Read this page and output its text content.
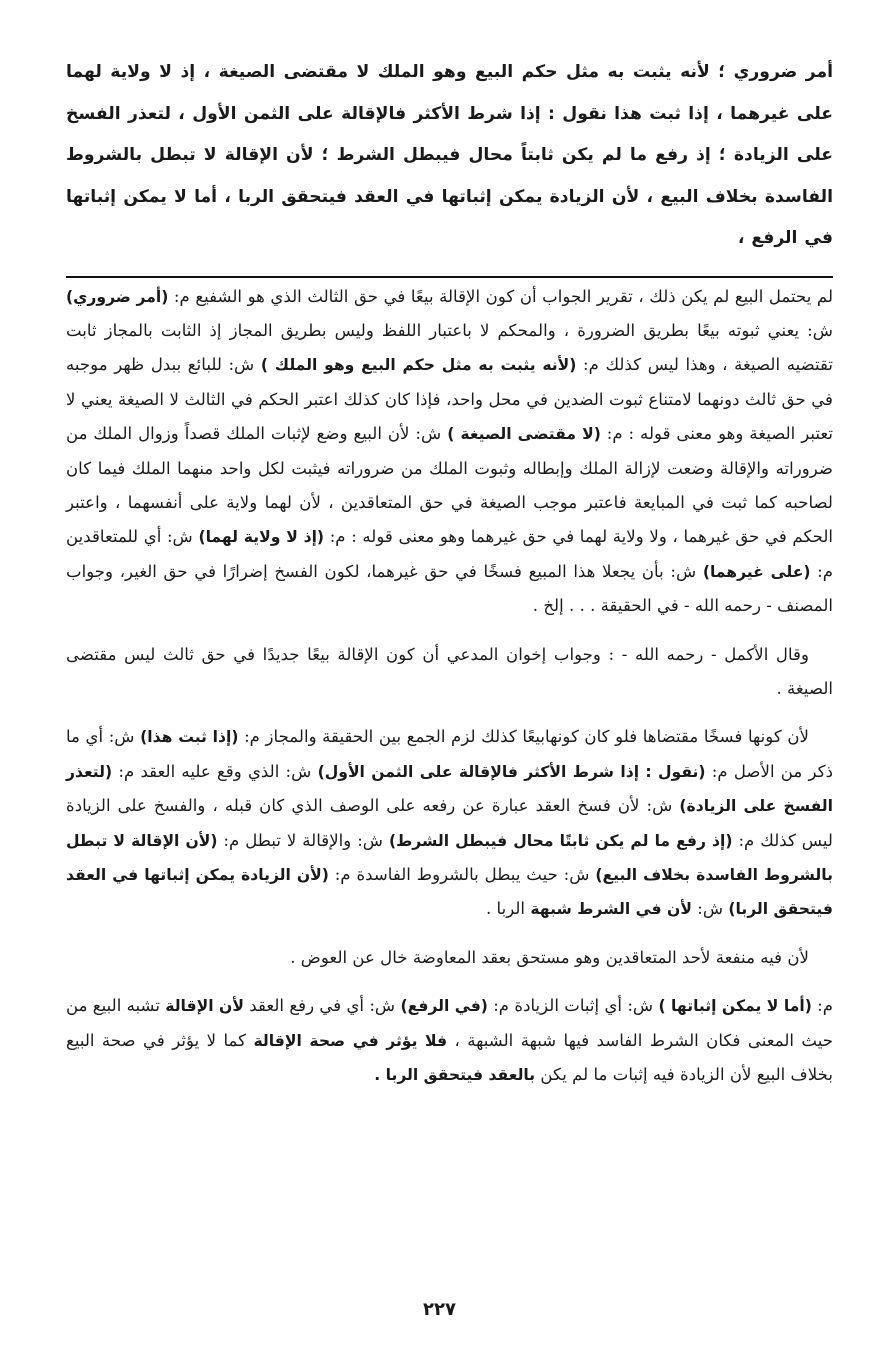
أمر ضروري ؛ لأنه يثبت به مثل حكم البيع وهو الملك لا مقتضى الصيغة ، إذ لا ولاية لهما على غيرهما ، إذا ثبت هذا نقول : إذا شرط الأكثر فالإقالة على الثمن الأول ، لتعذر الفسخ على الزيادة ؛ إذ رفع ما لم يكن ثابتاً محال فيبطل الشرط ؛ لأن الإقالة لا تبطل بالشروط الفاسدة بخلاف البيع ، لأن الزيادة يمكن إثباتها في العقد فيتحقق الربا ، أما لا يمكن إثباتها في الرفع ،

لم يحتمل البيع لم يكن ذلك ، تقرير الجواب أن كون الإقالة بيعًا في حق الثالث الذي هو الشفيع م: (أمر ضروري) ش: يعني ثبوته بيعًا بطريق الضرورة ، والمحكم لا باعتبار اللفظ وليس بطريق المجاز إذ الثابت بالمجاز ثابت تقتضيه الصيغة ، وهذا ليس كذلك م: (لأنه يثبت به مثل حكم البيع وهو الملك ) ش: للبائع ببدل ظهر موجبه في حق ثالث دونهما لامتناع ثبوت الضدين في محل واحد، فإذا كان كذلك اعتبر الحكم في الثالث لا الصيغة يعني لا تعتبر الصيغة وهو معنى قوله : م: (لا مقتضى الصيغة ) ش: لأن البيع وضع لإثبات الملك قصداً وزوال الملك من ضروراته والإقالة وضعت لإزالة الملك وإبطاله وثبوت الملك من ضروراته فيثبت لكل واحد منهما الملك فيما كان لصاحبه كما ثبت في المبايعة فاعتبر موجب الصيغة في حق المتعاقدين ، لأن لهما ولاية على أنفسهما ، واعتبر الحكم في حق غيرهما ، ولا ولاية لهما في حق غيرهما وهو معنى قوله : م: (إذ لا ولاية لهما) ش: أي للمتعاقدين م: (على غيرهما) ش: بأن يجعلا هذا المبيع فسخًا في حق غيرهما، لكون الفسخ إضرارًا في حق الغير، وجواب المصنف - رحمه الله - في الحقيقة . . . إلخ .

وقال الأكمل - رحمه الله - : وجواب إخوان المدعي أن كون الإقالة بيعًا جديدًا في حق ثالث ليس مقتضى الصيغة .

لأن كونها فسخًا مقتضاها فلو كان كونهابيعًا كذلك لزم الجمع بين الحقيقة والمجاز م: (إذا ثبت هذا) ش: أي ما ذكر من الأصل م: (نقول : إذا شرط الأكثر فالإقالة على الثمن الأول) ش: الذي وقع عليه العقد م: (لتعذر الفسخ على الزيادة) ش: لأن فسخ العقد عبارة عن رفعه على الوصف الذي كان قبله ، والفسخ على الزيادة ليس كذلك م: (إذ رفع ما لم يكن ثابتًا محال فيبطل الشرط) ش: والإقالة لا تبطل م: (لأن الإقالة لا تبطل بالشروط الفاسدة بخلاف البيع) ش: حيث يبطل بالشروط الفاسدة م: (لأن الزيادة يمكن إثباتها في العقد فيتحقق الربا) ش: لأن في الشرط شبهة الربا .

لأن فيه منفعة لأحد المتعاقدين وهو مستحق بعقد المعاوضة خال عن العوض .

م: (أما لا يمكن إثباتها ) ش: أي إثبات الزيادة م: (في الرفع) ش: أي في رفع العقد لأن الإقالة تشبه البيع من حيث المعنى فكان الشرط الفاسد فيها شبهة الشبهة ، فلا يؤثر في صحة الإقالة كما لا يؤثر في صحة البيع بخلاف البيع لأن الزيادة فيه إثبات ما لم يكن بالعقد فيتحقق الربا .

٢٢٧
